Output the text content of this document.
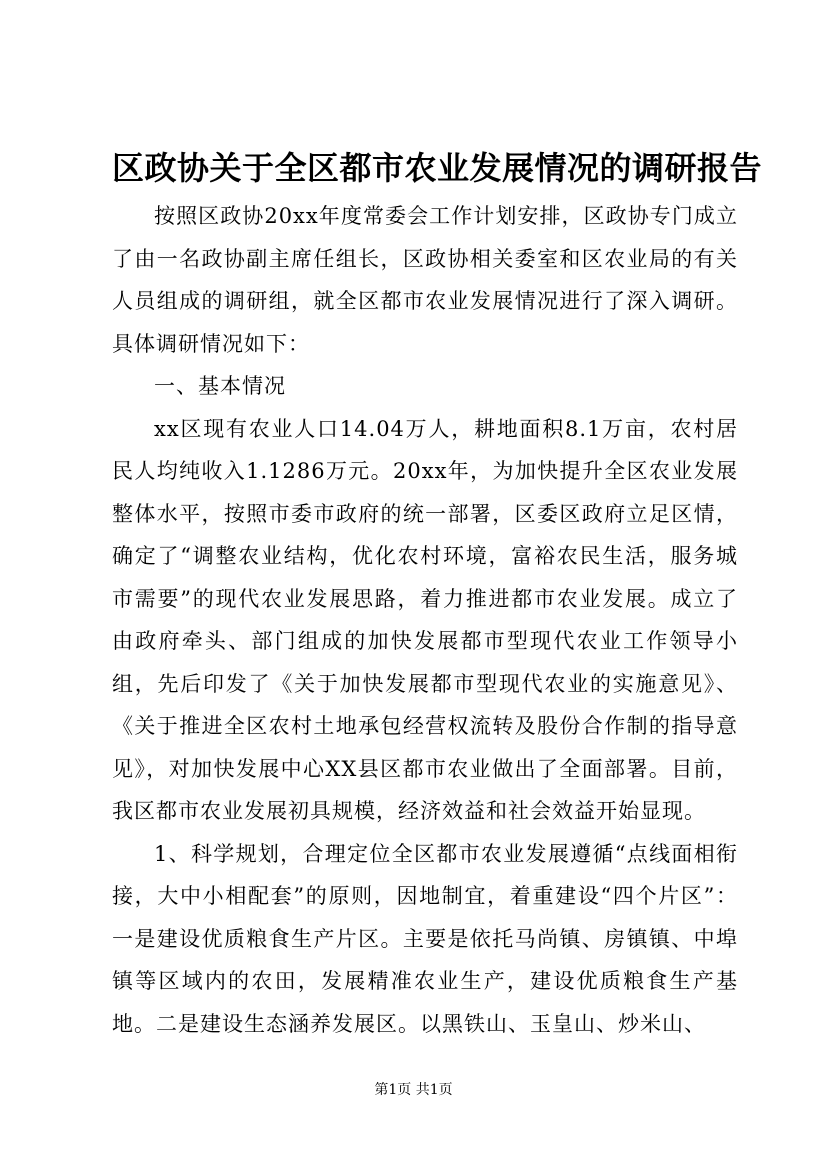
区政协关于全区都市农业发展情况的调研报告

按照区政协20xx年度常委会工作计划安排，区政协专门成立了由一名政协副主席任组长，区政协相关委室和区农业局的有关人员组成的调研组，就全区都市农业发展情况进行了深入调研。具体调研情况如下：

一、基本情况

xx区现有农业人口14.04万人，耕地面积8.1万亩，农村居民人均纯收入1.1286万元。20xx年，为加快提升全区农业发展整体水平，按照市委市政府的统一部署，区委区政府立足区情，确定了“调整农业结构，优化农村环境，富裕农民生活，服务城市需要”的现代农业发展思路，着力推进都市农业发展。成立了由政府牵头、部门组成的加快发展都市型现代农业工作领导小组，先后印发了《关于加快发展都市型现代农业的实施意见》、《关于推进全区农村土地承包经营权流转及股份合作制的指导意见》，对加快发展中心XX县区都市农业做出了全面部署。目前，我区都市农业发展初具规模，经济效益和社会效益开始显现。

1、科学规划，合理定位全区都市农业发展遵循“点线面相衔接，大中小相配套”的原则，因地制宜，着重建设“四个片区”：一是建设优质粮食生产片区。主要是依托马尚镇、房镇镇、中埠镇等区域内的农田，发展精准农业生产，建设优质粮食生产基地。二是建设生态涵养发展区。以黑铁山、玉皇山、炒米山、

第1页 共1页
